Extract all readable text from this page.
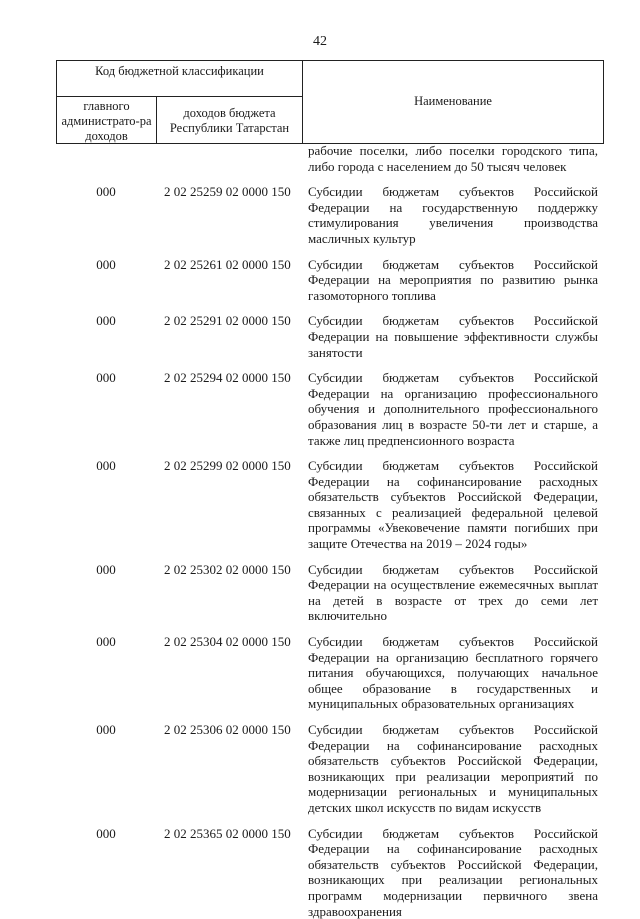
42
Код бюджетной классификации
главного администрато-ра доходов
доходов бюджета Республики Татарстан
Наименование
рабочие поселки, либо поселки городского типа, либо города с населением до 50 тысяч человек
000	2 02 25259 02 0000 150	Субсидии бюджетам субъектов Российской Федерации на государственную поддержку стимулирования увеличения производства масличных культур
000	2 02 25261 02 0000 150	Субсидии бюджетам субъектов Российской Федерации на мероприятия по развитию рынка газомоторного топлива
000	2 02 25291 02 0000 150	Субсидии бюджетам субъектов Российской Федерации на повышение эффективности службы занятости
000	2 02 25294 02 0000 150	Субсидии бюджетам субъектов Российской Федерации на организацию профессионального обучения и дополнительного профессионального образования лиц в возрасте 50-ти лет и старше, а также лиц предпенсионного возраста
000	2 02 25299 02 0000 150	Субсидии бюджетам субъектов Российской Федерации на софинансирование расходных обязательств субъектов Российской Федерации, связанных с реализацией федеральной целевой программы «Увековечение памяти погибших при защите Отечества на 2019 – 2024 годы»
000	2 02 25302 02 0000 150	Субсидии бюджетам субъектов Российской Федерации на осуществление ежемесячных выплат на детей в возрасте от трех до семи лет включительно
000	2 02 25304 02 0000 150	Субсидии бюджетам субъектов Российской Федерации на организацию бесплатного горячего питания обучающихся, получающих начальное общее образование в государственных и муниципальных образовательных организациях
000	2 02 25306 02 0000 150	Субсидии бюджетам субъектов Российской Федерации на софинансирование расходных обязательств субъектов Российской Федерации, возникающих при реализации мероприятий по модернизации региональных и муниципальных детских школ искусств по видам искусств
000	2 02 25365 02 0000 150	Субсидии бюджетам субъектов Российской Федерации на софинансирование расходных обязательств субъектов Российской Федерации, возникающих при реализации региональных программ модернизации первичного звена здравоохранения
